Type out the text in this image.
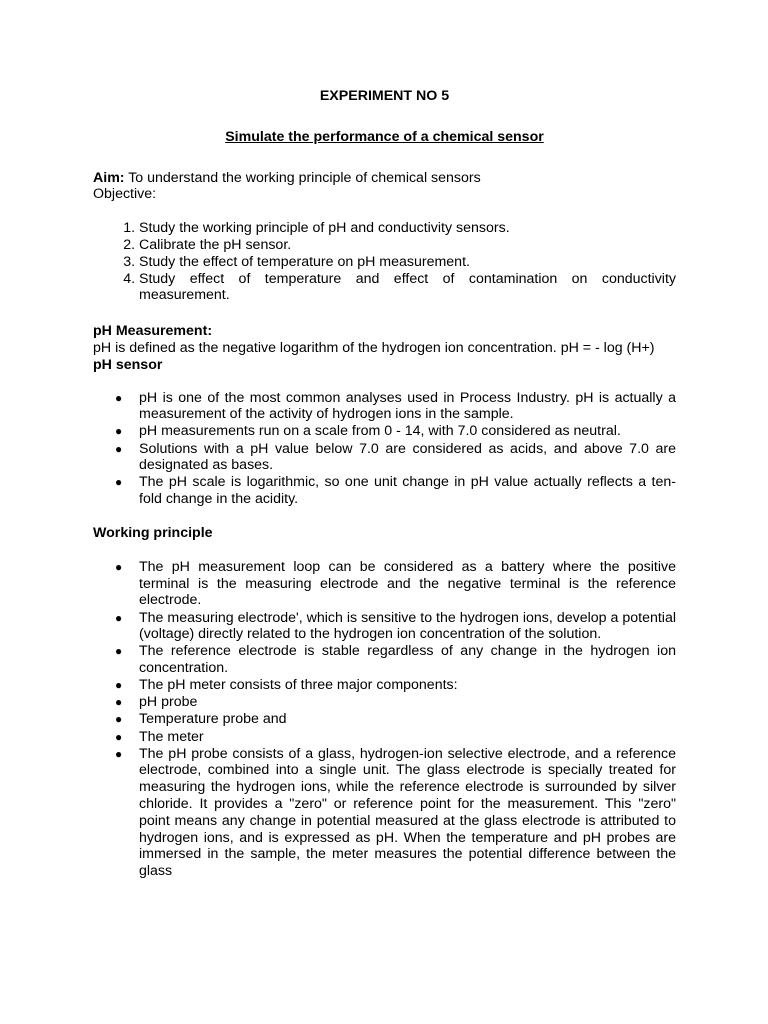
EXPERIMENT NO 5

Simulate the performance of a chemical sensor

Aim: To understand the working principle of chemical sensors

Objective:

1. Study the working principle of pH and conductivity sensors.
2. Calibrate the pH sensor.
3. Study the effect of temperature on pH measurement.
4. Study effect of temperature and effect of contamination on conductivity measurement.

pH Measurement:

pH is defined as the negative logarithm of the hydrogen ion concentration. pH = - log (H+)

pH sensor

● pH is one of the most common analyses used in Process Industry. pH is actually a measurement of the activity of hydrogen ions in the sample.
● pH measurements run on a scale from 0 - 14, with 7.0 considered as neutral.
● Solutions with a pH value below 7.0 are considered as acids, and above 7.0 are designated as bases.
● The pH scale is logarithmic, so one unit change in pH value actually reflects a ten-fold change in the acidity.

Working principle

● The pH measurement loop can be considered as a battery where the positive terminal is the measuring electrode and the negative terminal is the reference electrode.
● The measuring electrode', which is sensitive to the hydrogen ions, develop a potential (voltage) directly related to the hydrogen ion concentration of the solution.
● The reference electrode is stable regardless of any change in the hydrogen ion concentration.
● The pH meter consists of three major components:
● pH probe
● Temperature probe and
● The meter
● The pH probe consists of a glass, hydrogen-ion selective electrode, and a reference electrode, combined into a single unit. The glass electrode is specially treated for measuring the hydrogen ions, while the reference electrode is surrounded by silver chloride. It provides a "zero" or reference point for the measurement. This "zero" point means any change in potential measured at the glass electrode is attributed to hydrogen ions, and is expressed as pH. When the temperature and pH probes are immersed in the sample, the meter measures the potential difference between the glass
